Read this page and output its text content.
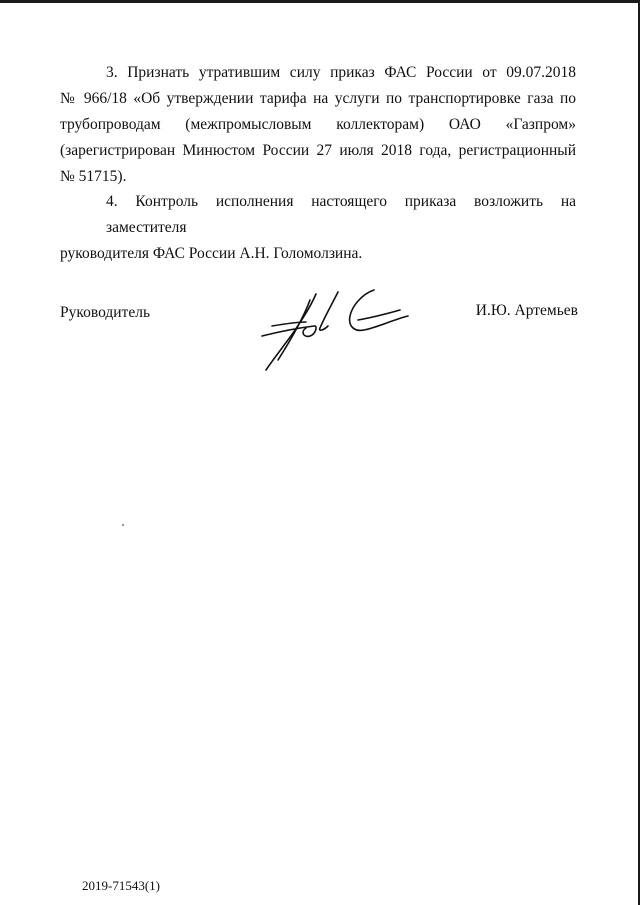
3. Признать утратившим силу приказ ФАС России от 09.07.2018
№ 966/18 «Об утверждении тарифа на услуги по транспортировке газа по
трубопроводам (межпромысловым коллекторам) ОАО «Газпром»
(зарегистрирован Минюстом России 27 июля 2018 года, регистрационный
№ 51715).
4. Контроль исполнения настоящего приказа возложить на заместителя
руководителя ФАС России А.Н. Голомолзина.
Руководитель	И.Ю. Артемьев
2019-71543(1)
